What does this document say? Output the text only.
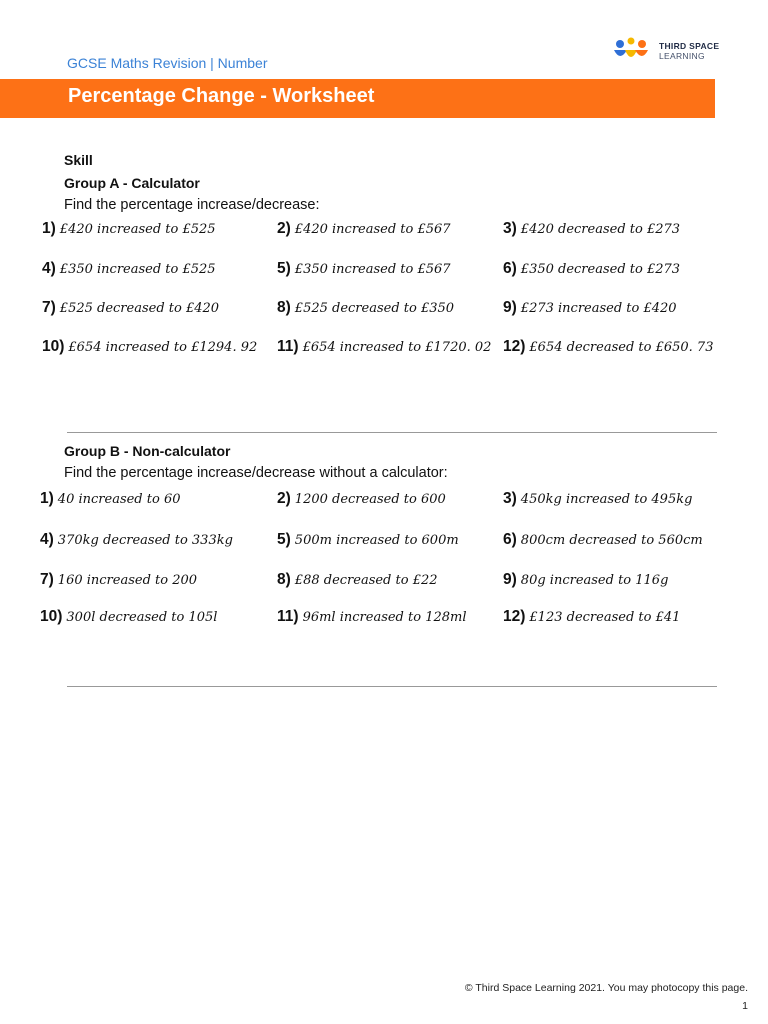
GCSE Maths Revision | Number
THIRD SPACE
LEARNING
Percentage Change - Worksheet
Skill
Group A - Calculator
Find the percentage increase/decrease:
1) £420 increased to £525	2) £420 increased to £567	3) £420 decreased to £273
4) £350 increased to £525	5) £350 increased to £567	6) £350 decreased to £273
7) £525 decreased to £420	8) £525 decreased to £350	9) £273 increased to £420
10) £654 increased to £1294. 92 11) £654 increased to £1720. 02 12) £654 decreased to £650. 73
Group B - Non-calculator
Find the percentage increase/decrease without a calculator:
1) 40 increased to 60	2) 1200 decreased to 600	3) 450kg increased to 495kg
4) 370kg decreased to 333kg	5) 500m increased to 600m	6) 800cm decreased to 560cm
7) 160 increased to 200	8) £88 decreased to £22	9) 80g increased to 116g
10) 300l decreased to 105l	11) 96ml increased to 128ml 12) £123 decreased to £41
© Third Space Learning 2021. You may photocopy this page.
1
